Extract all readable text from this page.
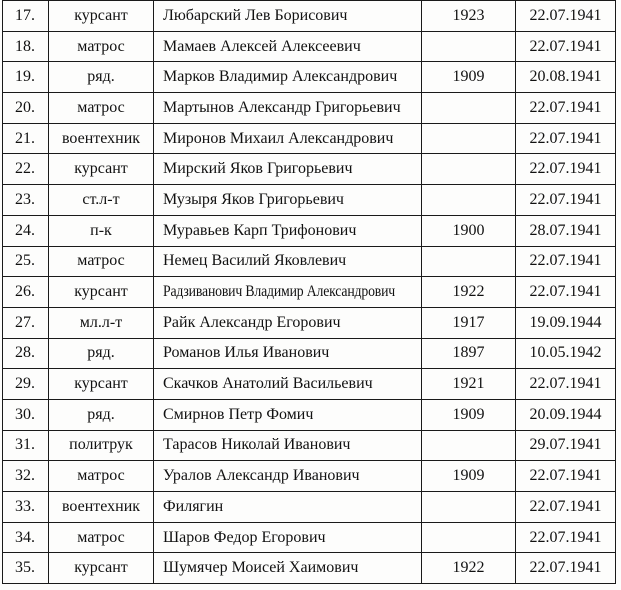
17.	курсант	Любарский Лев Борисович	1923	22.07.1941
18.	матрос	Мамаев Алексей Алексеевич		22.07.1941
19.	ряд.	Марков Владимир Александрович	1909	20.08.1941
20.	матрос	Мартынов Александр Григорьевич		22.07.1941
21.	воентехник	Миронов Михаил Александрович		22.07.1941
22.	курсант	Мирский Яков Григорьевич		22.07.1941
23.	ст.л-т	Музыря Яков Григорьевич		22.07.1941
24.	п-к	Муравьев Карп Трифонович	1900	28.07.1941
25.	матрос	Немец Василий Яковлевич		22.07.1941
26.	курсант	Радзиванович Владимир Александрович	1922	22.07.1941
27.	мл.л-т	Райк Александр Егорович	1917	19.09.1944
28.	ряд.	Романов Илья Иванович	1897	10.05.1942
29.	курсант	Скачков Анатолий Васильевич	1921	22.07.1941
30.	ряд.	Смирнов Петр Фомич	1909	20.09.1944
31.	политрук	Тарасов Николай Иванович		29.07.1941
32.	матрос	Уралов Александр Иванович	1909	22.07.1941
33.	воентехник	Филягин		22.07.1941
34.	матрос	Шаров Федор Егорович		22.07.1941
35.	курсант	Шумячер Моисей Хаимович	1922	22.07.1941
